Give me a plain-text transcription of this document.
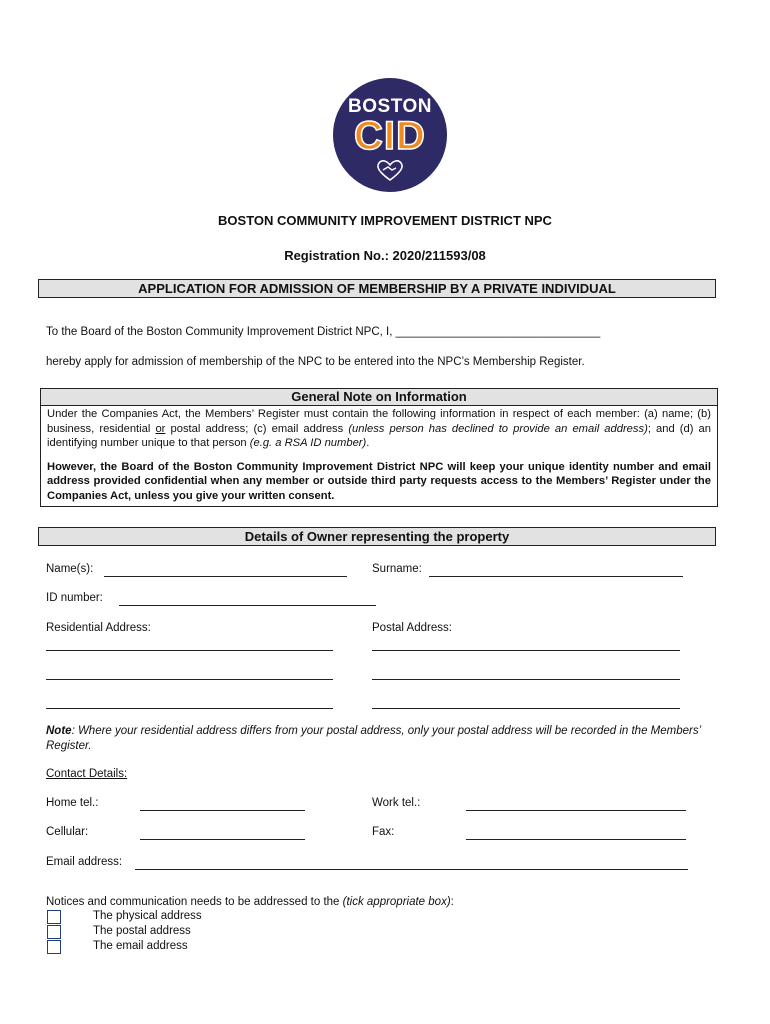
BOSTON
CID
BOSTON COMMUNITY IMPROVEMENT DISTRICT NPC
Registration No.: 2020/211593/08
APPLICATION FOR ADMISSION OF MEMBERSHIP BY A PRIVATE INDIVIDUAL
To the Board of the Boston Community Improvement District NPC, I, ________________________________
hereby apply for admission of membership of the NPC to be entered into the NPC’s Membership Register.
General Note on Information

Under the Companies Act, the Members’ Register must contain the following information in respect of each member: (a) name; (b) business, residential or postal address; (c) email address (unless person has declined to provide an email address); and (d) an identifying number unique to that person (e.g. a RSA ID number).

However, the Board of the Boston Community Improvement District NPC will keep your unique identity number and email address provided confidential when any member or outside third party requests access to the Members’ Register under the Companies Act, unless you give your written consent.

Details of Owner representing the property
Name(s):	Surname:
ID number:
Residential Address:	Postal Address:
Note: Where your residential address differs from your postal address, only your postal address will be recorded in the Members’ Register.
Contact Details:
Home tel.:	Work tel.:
Cellular:	Fax:
Email address:
Notices and communication needs to be addressed to the (tick appropriate box):
The physical address
The postal address
The email address
